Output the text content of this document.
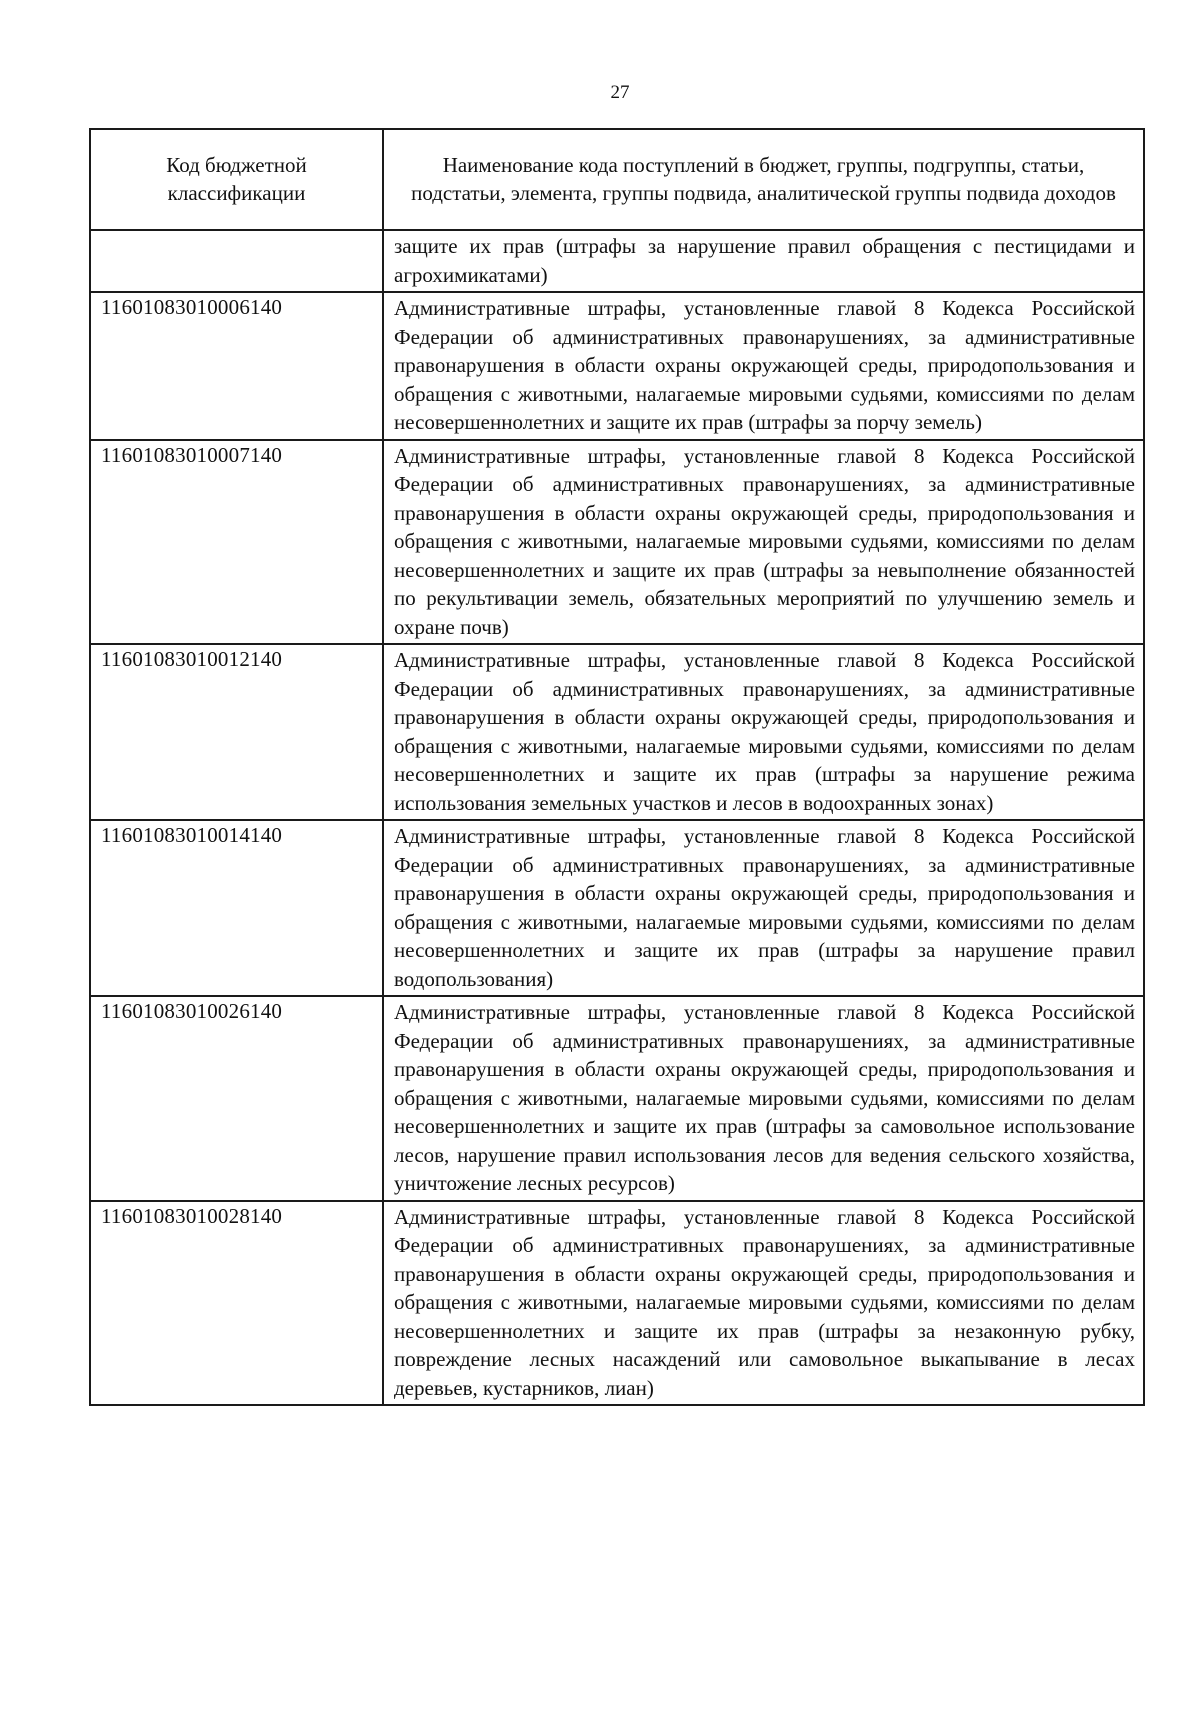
27
Код бюджетной классификации	Наименование кода поступлений в бюджет, группы, подгруппы, статьи, подстатьи, элемента, группы подвида, аналитической группы подвида доходов
	защите их прав (штрафы за нарушение правил обращения с пестицидами и агрохимикатами)
11601083010006140	Административные штрафы, установленные главой 8 Кодекса Российской Федерации об административных правонарушениях, за административные правонарушения в области охраны окружающей среды, природопользования и обращения с животными, налагаемые мировыми судьями, комиссиями по делам несовершеннолетних и защите их прав (штрафы за порчу земель)
11601083010007140	Административные штрафы, установленные главой 8 Кодекса Российской Федерации об административных правонарушениях, за административные правонарушения в области охраны окружающей среды, природопользования и обращения с животными, налагаемые мировыми судьями, комиссиями по делам несовершеннолетних и защите их прав (штрафы за невыполнение обязанностей по рекультивации земель, обязательных мероприятий по улучшению земель и охране почв)
11601083010012140	Административные штрафы, установленные главой 8 Кодекса Российской Федерации об административных правонарушениях, за административные правонарушения в области охраны окружающей среды, природопользования и обращения с животными, налагаемые мировыми судьями, комиссиями по делам несовершеннолетних и защите их прав (штрафы за нарушение режима использования земельных участков и лесов в водоохранных зонах)
11601083010014140	Административные штрафы, установленные главой 8 Кодекса Российской Федерации об административных правонарушениях, за административные правонарушения в области охраны окружающей среды, природопользования и обращения с животными, налагаемые мировыми судьями, комиссиями по делам несовершеннолетних и защите их прав (штрафы за нарушение правил водопользования)
11601083010026140	Административные штрафы, установленные главой 8 Кодекса Российской Федерации об административных правонарушениях, за административные правонарушения в области охраны окружающей среды, природопользования и обращения с животными, налагаемые мировыми судьями, комиссиями по делам несовершеннолетних и защите их прав (штрафы за самовольное использование лесов, нарушение правил использования лесов для ведения сельского хозяйства, уничтожение лесных ресурсов)
11601083010028140	Административные штрафы, установленные главой 8 Кодекса Российской Федерации об административных правонарушениях, за административные правонарушения в области охраны окружающей среды, природопользования и обращения с животными, налагаемые мировыми судьями, комиссиями по делам несовершеннолетних и защите их прав (штрафы за незаконную рубку, повреждение лесных насаждений или самовольное выкапывание в лесах деревьев, кустарников, лиан)
